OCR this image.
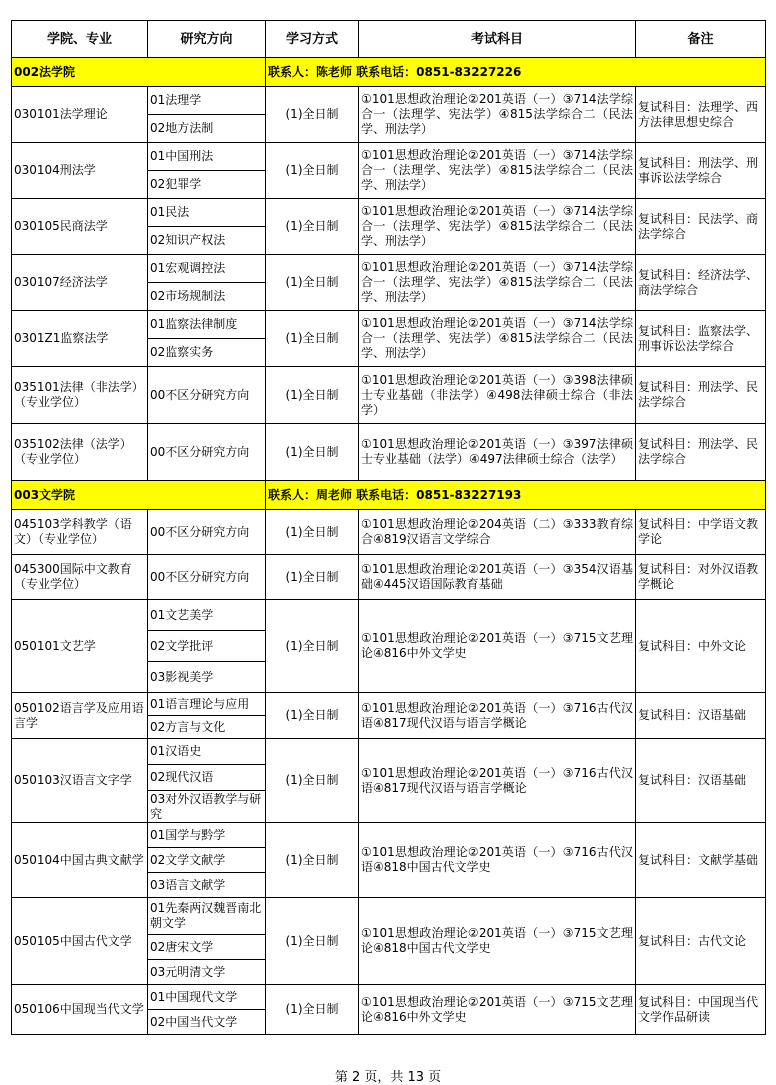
学院、专业	研究方向	学习方式	考试科目	备注
002法学院		联系人：陈老师 联系电话：0851-83227226		
030101法学理论	01法理学	(1)全日制	①101思想政治理论②201英语（一）③714法学综合一（法理学、宪法学）④815法学综合二（民法学、刑法学）	复试科目：法理学、西方法律思想史综合
	02地方法制			
030104刑法学	01中国刑法	(1)全日制	①101思想政治理论②201英语（一）③714法学综合一（法理学、宪法学）④815法学综合二（民法学、刑法学）	复试科目：刑法学、刑事诉讼法学综合
	02犯罪学			
030105民商法学	01民法	(1)全日制	①101思想政治理论②201英语（一）③714法学综合一（法理学、宪法学）④815法学综合二（民法学、刑法学）	复试科目：民法学、商法学综合
	02知识产权法			
030107经济法学	01宏观调控法	(1)全日制	①101思想政治理论②201英语（一）③714法学综合一（法理学、宪法学）④815法学综合二（民法学、刑法学）	复试科目：经济法学、商法学综合
	02市场规制法			
0301Z1监察法学	01监察法律制度	(1)全日制	①101思想政治理论②201英语（一）③714法学综合一（法理学、宪法学）④815法学综合二（民法学、刑法学）	复试科目：监察法学、刑事诉讼法学综合
	02监察实务			
035101法律（非法学）（专业学位）	00不区分研究方向	(1)全日制	①101思想政治理论②201英语（一）③398法律硕士专业基础（非法学）④498法律硕士综合（非法学）	复试科目：刑法学、民法学综合
035102法律（法学）（专业学位）	00不区分研究方向	(1)全日制	①101思想政治理论②201英语（一）③397法律硕士专业基础（法学）④497法律硕士综合（法学）	复试科目：刑法学、民法学综合
003文学院		联系人：周老师 联系电话：0851-83227193		
045103学科教学（语文）（专业学位）	00不区分研究方向	(1)全日制	①101思想政治理论②204英语（二）③333教育综合④819汉语言文学综合	复试科目：中学语文教学论
045300国际中文教育（专业学位）	00不区分研究方向	(1)全日制	①101思想政治理论②201英语（一）③354汉语基础④445汉语国际教育基础	复试科目：对外汉语教学概论
050101文艺学	01文艺美学	(1)全日制	①101思想政治理论②201英语（一）③715文艺理论④816中外文学史	复试科目：中外文论
	02文学批评			
	03影视美学			
050102语言学及应用语言学	01语言理论与应用	(1)全日制	①101思想政治理论②201英语（一）③716古代汉语④817现代汉语与语言学概论	复试科目：汉语基础
	02方言与文化			
050103汉语言文字学	01汉语史	(1)全日制	①101思想政治理论②201英语（一）③716古代汉语④817现代汉语与语言学概论	复试科目：汉语基础
	02现代汉语			
	03对外汉语教学与研究			
050104中国古典文献学	01国学与黔学	(1)全日制	①101思想政治理论②201英语（一）③716古代汉语④818中国古代文学史	复试科目：文献学基础
	02文学文献学			
	03语言文献学			
050105中国古代文学	01先秦两汉魏晋南北朝文学	(1)全日制	①101思想政治理论②201英语（一）③715文艺理论④818中国古代文学史	复试科目：古代文论
	02唐宋文学			
	03元明清文学			
050106中国现当代文学	01中国现代文学	(1)全日制	①101思想政治理论②201英语（一）③715文艺理论④816中外文学史	复试科目：中国现当代文学作品研读
	02中国当代文学			
第 2 页，共 13 页
